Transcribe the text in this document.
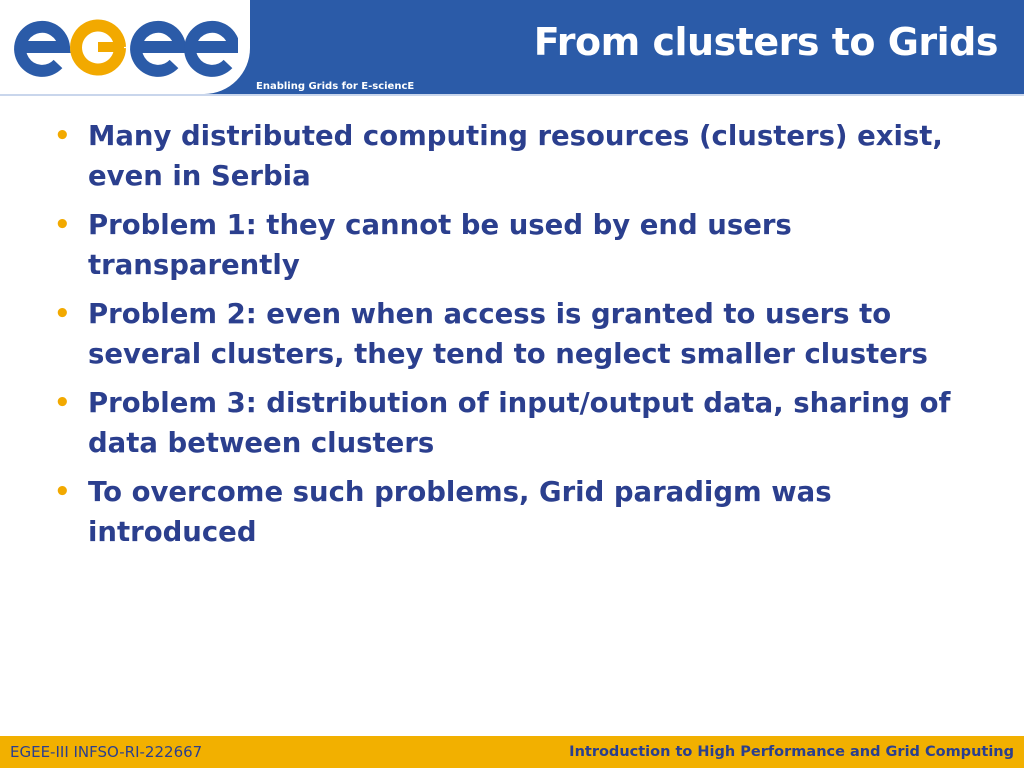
Enabling Grids for E-sciencE
From clusters to Grids
• Many distributed computing resources (clusters) exist, even in Serbia
• Problem 1: they cannot be used by end users transparently
• Problem 2: even when access is granted to users to several clusters, they tend to neglect smaller clusters
• Problem 3: distribution of input/output data, sharing of data between clusters
• To overcome such problems, Grid paradigm was introduced
EGEE-III INFSO-RI-222667	Introduction to High Performance and Grid Computing
